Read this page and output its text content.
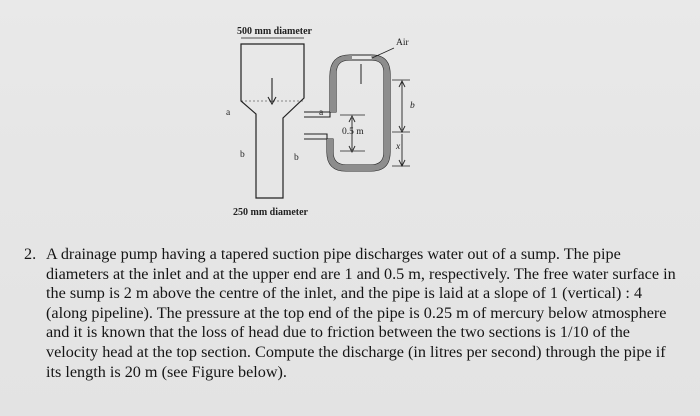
500 mm diameter
Air
a	a
0.5 m
b
x
b	b
250 mm diameter
2. A drainage pump having a tapered suction pipe discharges water out of a sump. The pipe diameters at the inlet and at the upper end are 1 and 0.5 m, respectively. The free water surface in the sump is 2 m above the centre of the inlet, and the pipe is laid at a slope of 1 (vertical) : 4 (along pipeline). The pressure at the top end of the pipe is 0.25 m of mercury below atmosphere and it is known that the loss of head due to friction between the two sections is 1/10 of the velocity head at the top section. Compute the discharge (in litres per second) through the pipe if its length is 20 m (see Figure below).
